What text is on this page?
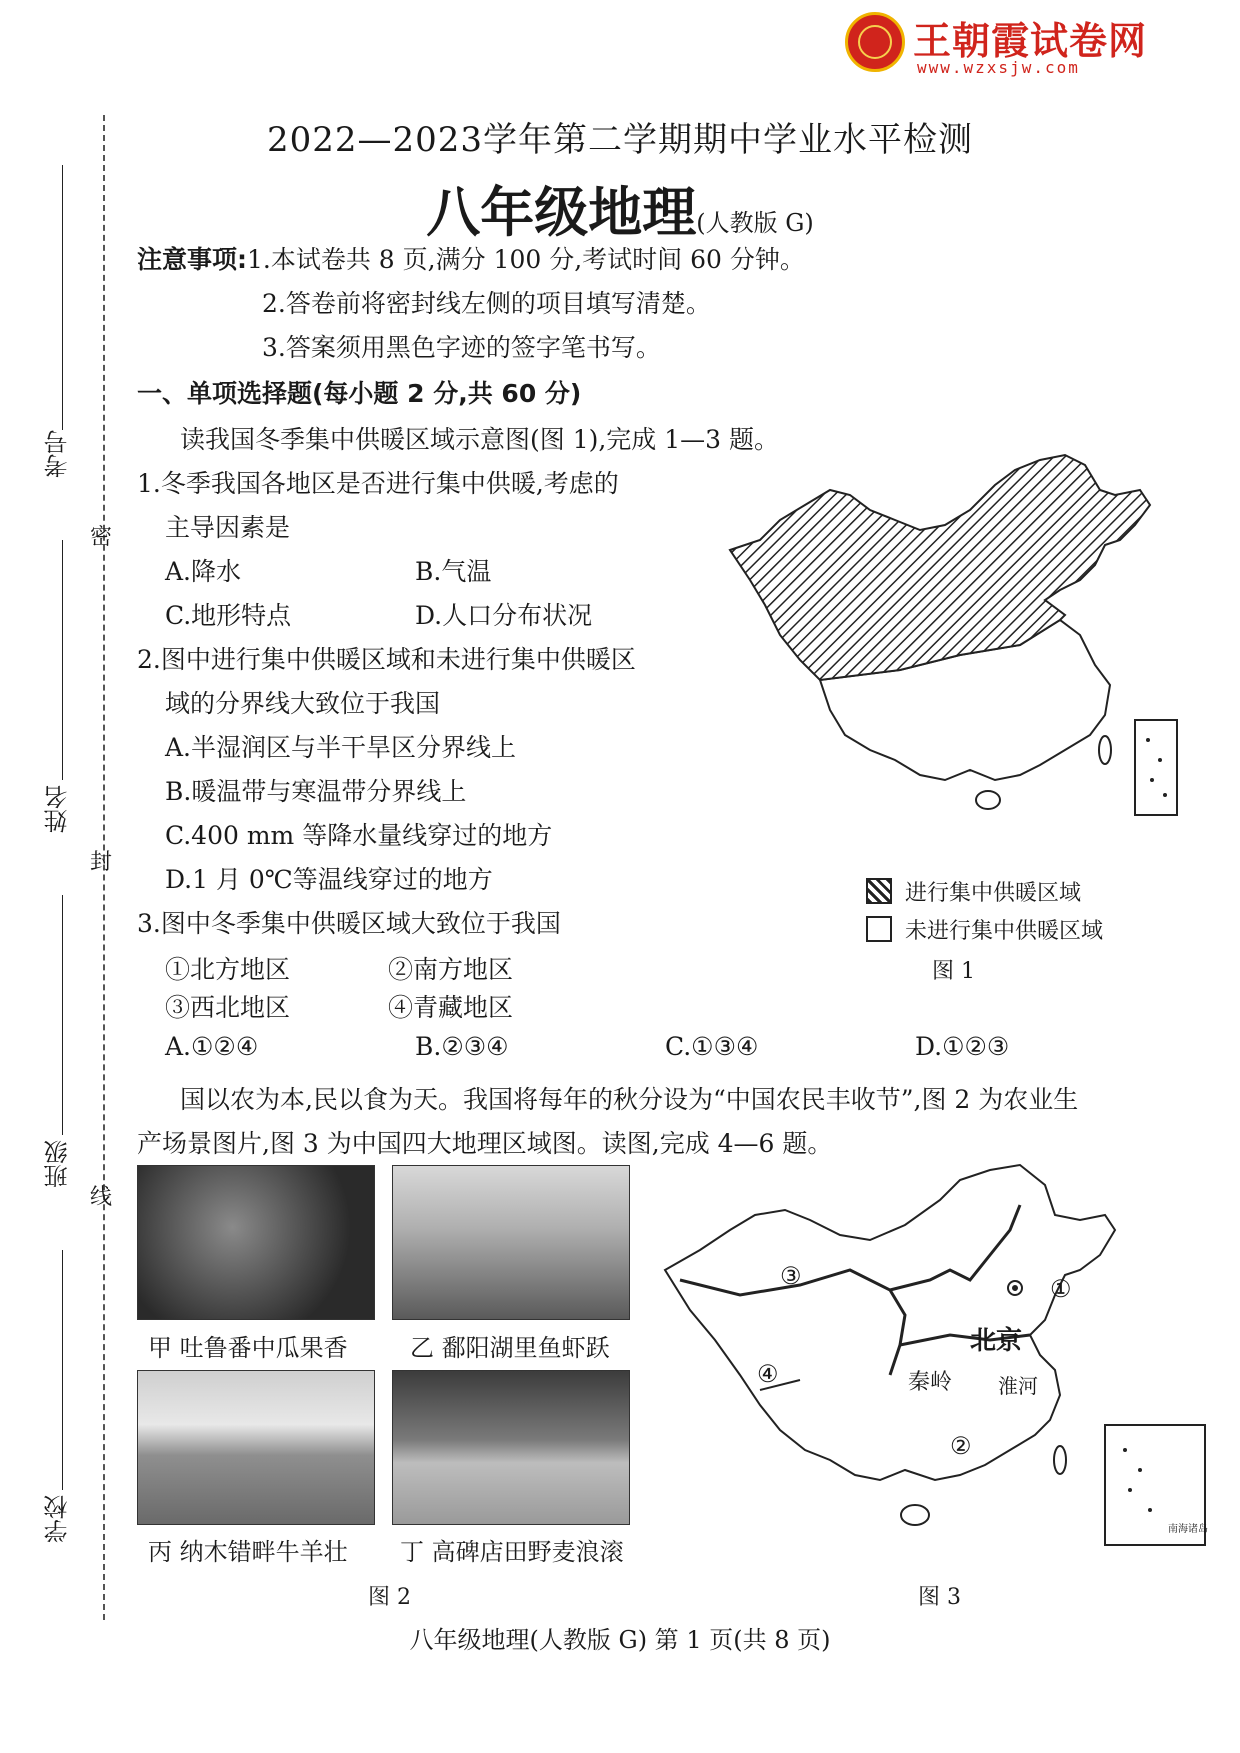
王朝霞试卷网
www.wzxsjw.com
密
封
线
考号
姓名
班级
学校
2022—2023学年第二学期期中学业水平检测
八年级地理(人教版 G)
注意事项:1.本试卷共 8 页,满分 100 分,考试时间 60 分钟。
2.答卷前将密封线左侧的项目填写清楚。
3.答案须用黑色字迹的签字笔书写。
一、单项选择题(每小题 2 分,共 60 分)
读我国冬季集中供暖区域示意图(图 1),完成 1—3 题。
1.冬季我国各地区是否进行集中供暖,考虑的
主导因素是
A.降水	B.气温
C.地形特点	D.人口分布状况
2.图中进行集中供暖区域和未进行集中供暖区
域的分界线大致位于我国
A.半湿润区与半干旱区分界线上
B.暖温带与寒温带分界线上
C.400 mm 等降水量线穿过的地方
D.1 月 0℃等温线穿过的地方
3.图中冬季集中供暖区域大致位于我国
①北方地区	②南方地区
③西北地区	④青藏地区
A.①②④	B.②③④	C.①③④	D.①②③
进行集中供暖区域
未进行集中供暖区域
图 1
国以农为本,民以食为天。我国将每年的秋分设为“中国农民丰收节”,图 2 为农业生
产场景图片,图 3 为中国四大地理区域图。读图,完成 4—6 题。
甲 吐鲁番中瓜果香	乙 鄱阳湖里鱼虾跃
丙 纳木错畔牛羊壮 丁 高碑店田野麦浪滚
图 2
①
②
③
④
北京
秦岭 淮河
南海诸岛
图 3
八年级地理(人教版 G) 第 1 页(共 8 页)
